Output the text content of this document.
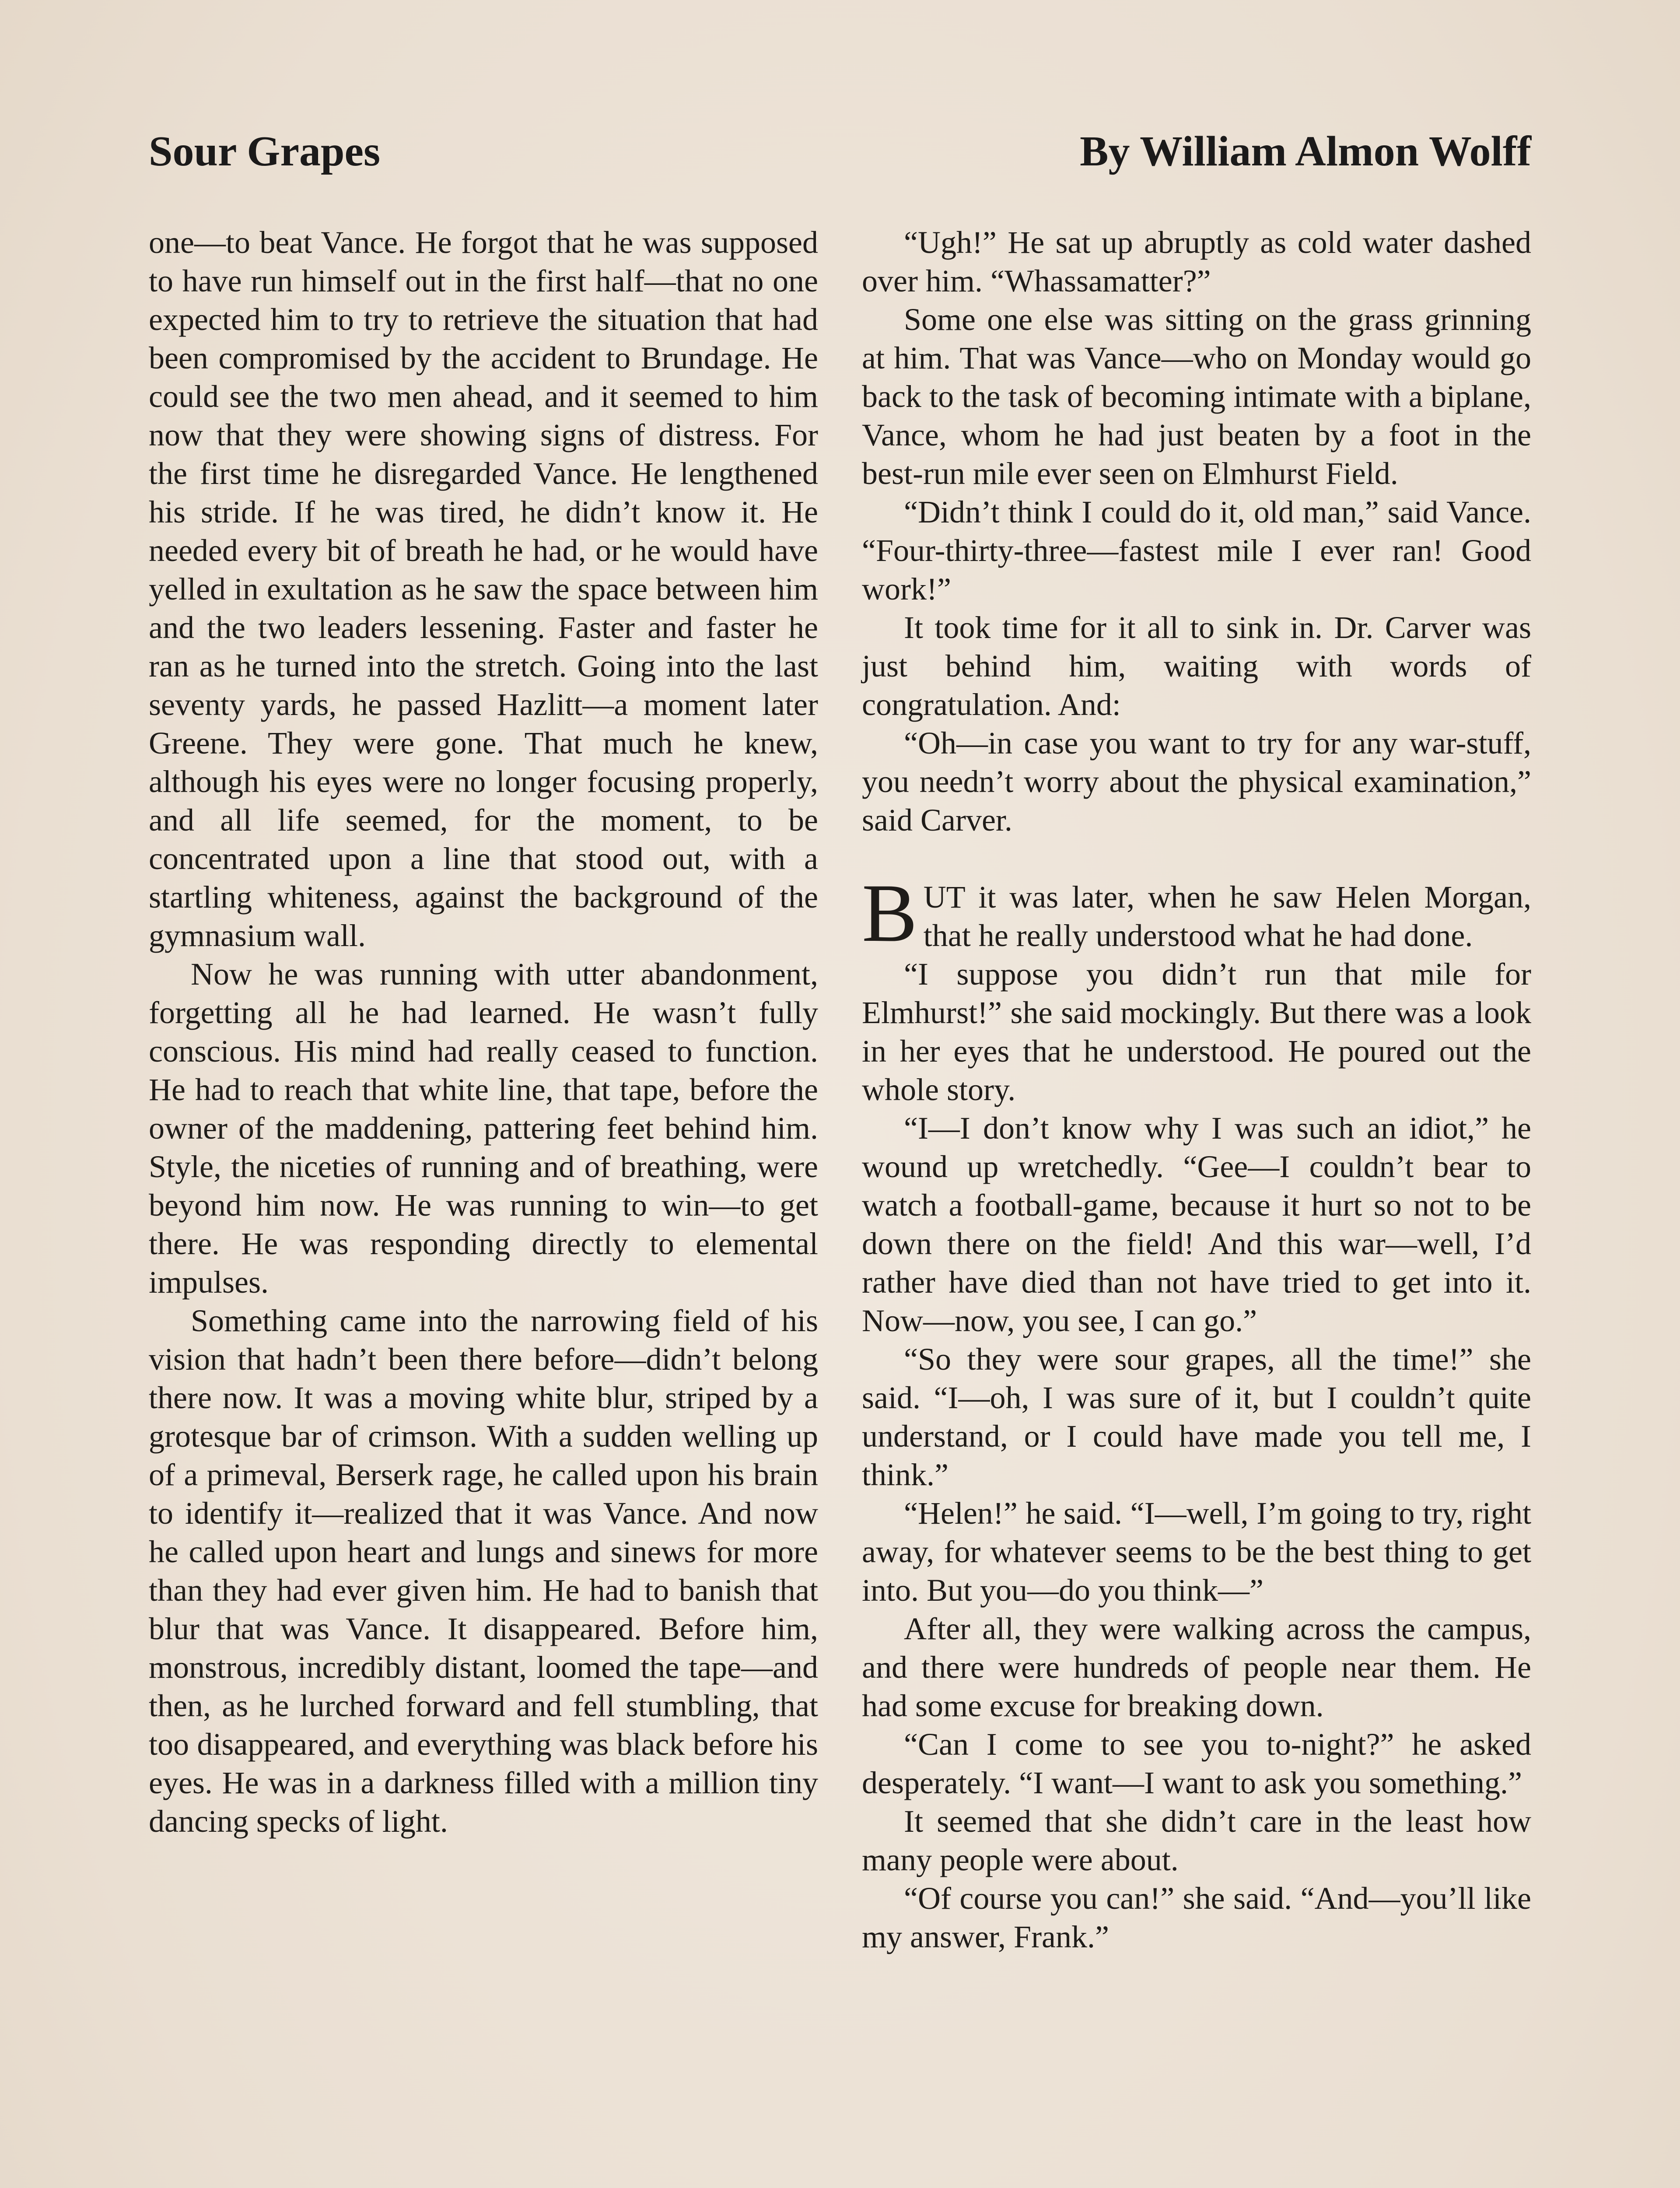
Sour Grapes	By William Almon Wolff

one—to beat Vance. He forgot that he was supposed to have run himself out in the first half—that no one expected him to try to retrieve the situation that had been compromised by the accident to Brundage. He could see the two men ahead, and it seemed to him now that they were showing signs of distress. For the first time he disregarded Vance. He lengthened his stride. If he was tired, he didn’t know it. He needed every bit of breath he had, or he would have yelled in exultation as he saw the space between him and the two leaders lessening. Faster and faster he ran as he turned into the stretch. Going into the last seventy yards, he passed Hazlitt—a moment later Greene. They were gone. That much he knew, although his eyes were no longer focusing properly, and all life seemed, for the moment, to be concentrated upon a line that stood out, with a startling whiteness, against the background of the gymnasium wall.

Now he was running with utter abandonment, forgetting all he had learned. He wasn’t fully conscious. His mind had really ceased to function. He had to reach that white line, that tape, before the owner of the maddening, pattering feet behind him. Style, the niceties of running and of breathing, were beyond him now. He was running to win—to get there. He was responding directly to elemental impulses.

Something came into the narrowing field of his vision that hadn’t been there before—didn’t belong there now. It was a moving white blur, striped by a grotesque bar of crimson. With a sudden welling up of a primeval, Berserk rage, he called upon his brain to identify it—realized that it was Vance. And now he called upon heart and lungs and sinews for more than they had ever given him. He had to banish that blur that was Vance. It disappeared. Before him, monstrous, incredibly distant, loomed the tape—and then, as he lurched forward and fell stumbling, that too disappeared, and everything was black before his eyes. He was in a darkness filled with a million tiny dancing specks of light.

“Ugh!” He sat up abruptly as cold water dashed over him. “Whassamatter?”

Some one else was sitting on the grass grinning at him. That was Vance—who on Monday would go back to the task of becoming intimate with a biplane, Vance, whom he had just beaten by a foot in the best-run mile ever seen on Elmhurst Field.

“Didn’t think I could do it, old man,” said Vance. “Four-thirty-three—fastest mile I ever ran! Good work!”

It took time for it all to sink in. Dr. Carver was just behind him, waiting with words of congratulation. And:

“Oh—in case you want to try for any war-stuff, you needn’t worry about the physical examination,” said Carver.

BUT it was later, when he saw Helen Morgan, that he really understood what he had done.

“I suppose you didn’t run that mile for Elmhurst!” she said mockingly. But there was a look in her eyes that he understood. He poured out the whole story.

“I—I don’t know why I was such an idiot,” he wound up wretchedly. “Gee—I couldn’t bear to watch a football-game, because it hurt so not to be down there on the field! And this war—well, I’d rather have died than not have tried to get into it. Now—now, you see, I can go.”

“So they were sour grapes, all the time!” she said. “I—oh, I was sure of it, but I couldn’t quite understand, or I could have made you tell me, I think.”

“Helen!” he said. “I—well, I’m going to try, right away, for whatever seems to be the best thing to get into. But you—do you think—”

After all, they were walking across the campus, and there were hundreds of people near them. He had some excuse for breaking down.

“Can I come to see you to-night?” he asked desperately. “I want—I want to ask you something.”

It seemed that she didn’t care in the least how many people were about.

“Of course you can!” she said. “And—you’ll like my answer, Frank.”
